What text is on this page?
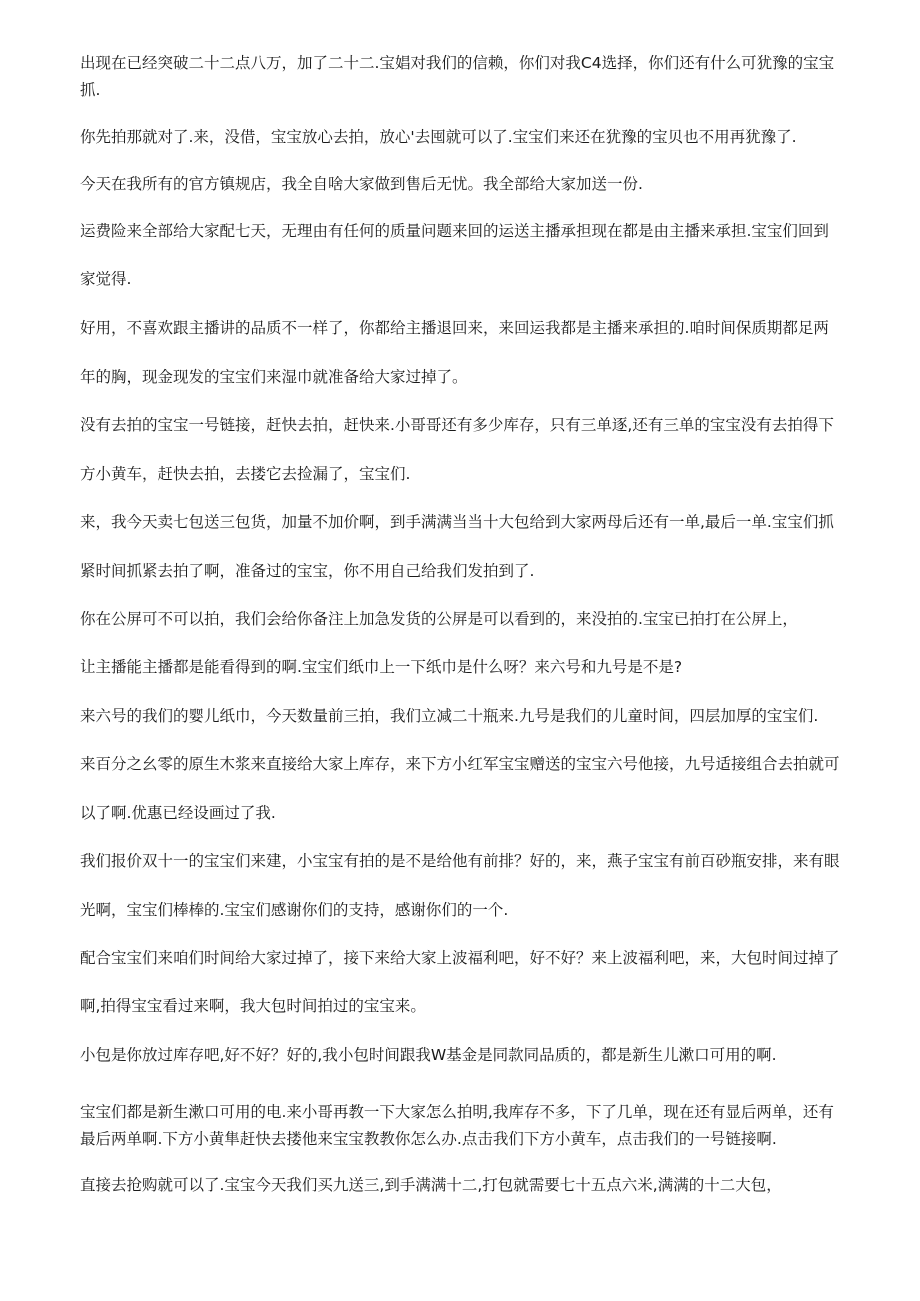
出现在已经突破二十二点八万，加了二十二.宝娼对我们的信赖，你们对我C4选择，你们还有什么可犹豫的宝宝
抓.
你先拍那就对了.来，没借，宝宝放心去拍，放心'去囤就可以了.宝宝们来还在犹豫的宝贝也不用再犹豫了.
今天在我所有的官方镇规店，我全自啥大家做到售后无忧。我全部给大家加送一份.
运费险来全部给大家配七天，无理由有任何的质量问题来回的运送主播承担现在都是由主播来承担.宝宝们回到
家觉得.
好用，不喜欢跟主播讲的品质不一样了，你都给主播退回来，来回运我都是主播来承担的.咱时间保质期都足两
年的胸，现金现发的宝宝们来湿巾就准备给大家过掉了。
没有去拍的宝宝一号链接，赶快去拍，赶快来.小哥哥还有多少库存，只有三单逐,还有三单的宝宝没有去拍得下
方小黄车，赶快去拍，去搂它去捡漏了，宝宝们.
来，我今天卖七包送三包货，加量不加价啊，到手满满当当十大包给到大家两母后还有一单,最后一单.宝宝们抓
紧时间抓紧去拍了啊，准备过的宝宝，你不用自己给我们发拍到了.
你在公屏可不可以拍，我们会给你备注上加急发货的公屏是可以看到的，来没拍的.宝宝已拍打在公屏上，
让主播能主播都是能看得到的啊.宝宝们纸巾上一下纸巾是什么呀？来六号和九号是不是?
来六号的我们的婴儿纸巾，今天数量前三拍，我们立减二十瓶来.九号是我们的儿童时间，四层加厚的宝宝们.
来百分之幺零的原生木浆来直接给大家上库存，来下方小红军宝宝赠送的宝宝六号他接，九号适接组合去拍就可
以了啊.优惠已经设画过了我.
我们报价双十一的宝宝们来建，小宝宝有拍的是不是给他有前排？好的，来，燕子宝宝有前百砂瓶安排，来有眼
光啊，宝宝们棒棒的.宝宝们感谢你们的支持，感谢你们的一个.
配合宝宝们来咱们时间给大家过掉了，接下来给大家上波福利吧，好不好？来上波福利吧，来，大包时间过掉了
啊,拍得宝宝看过来啊，我大包时间拍过的宝宝来。
小包是你放过库存吧,好不好？好的,我小包时间跟我W基金是同款同品质的，都是新生儿漱口可用的啊.
宝宝们都是新生漱口可用的电.来小哥再教一下大家怎么拍明,我库存不多，下了几单，现在还有显后两单，还有
最后两单啊.下方小黄隼赶快去搂他来宝宝教教你怎么办.点击我们下方小黄车，点击我们的一号链接啊.
直接去抢购就可以了.宝宝今天我们买九送三,到手满满十二,打包就需要七十五点六米,满满的十二大包，
